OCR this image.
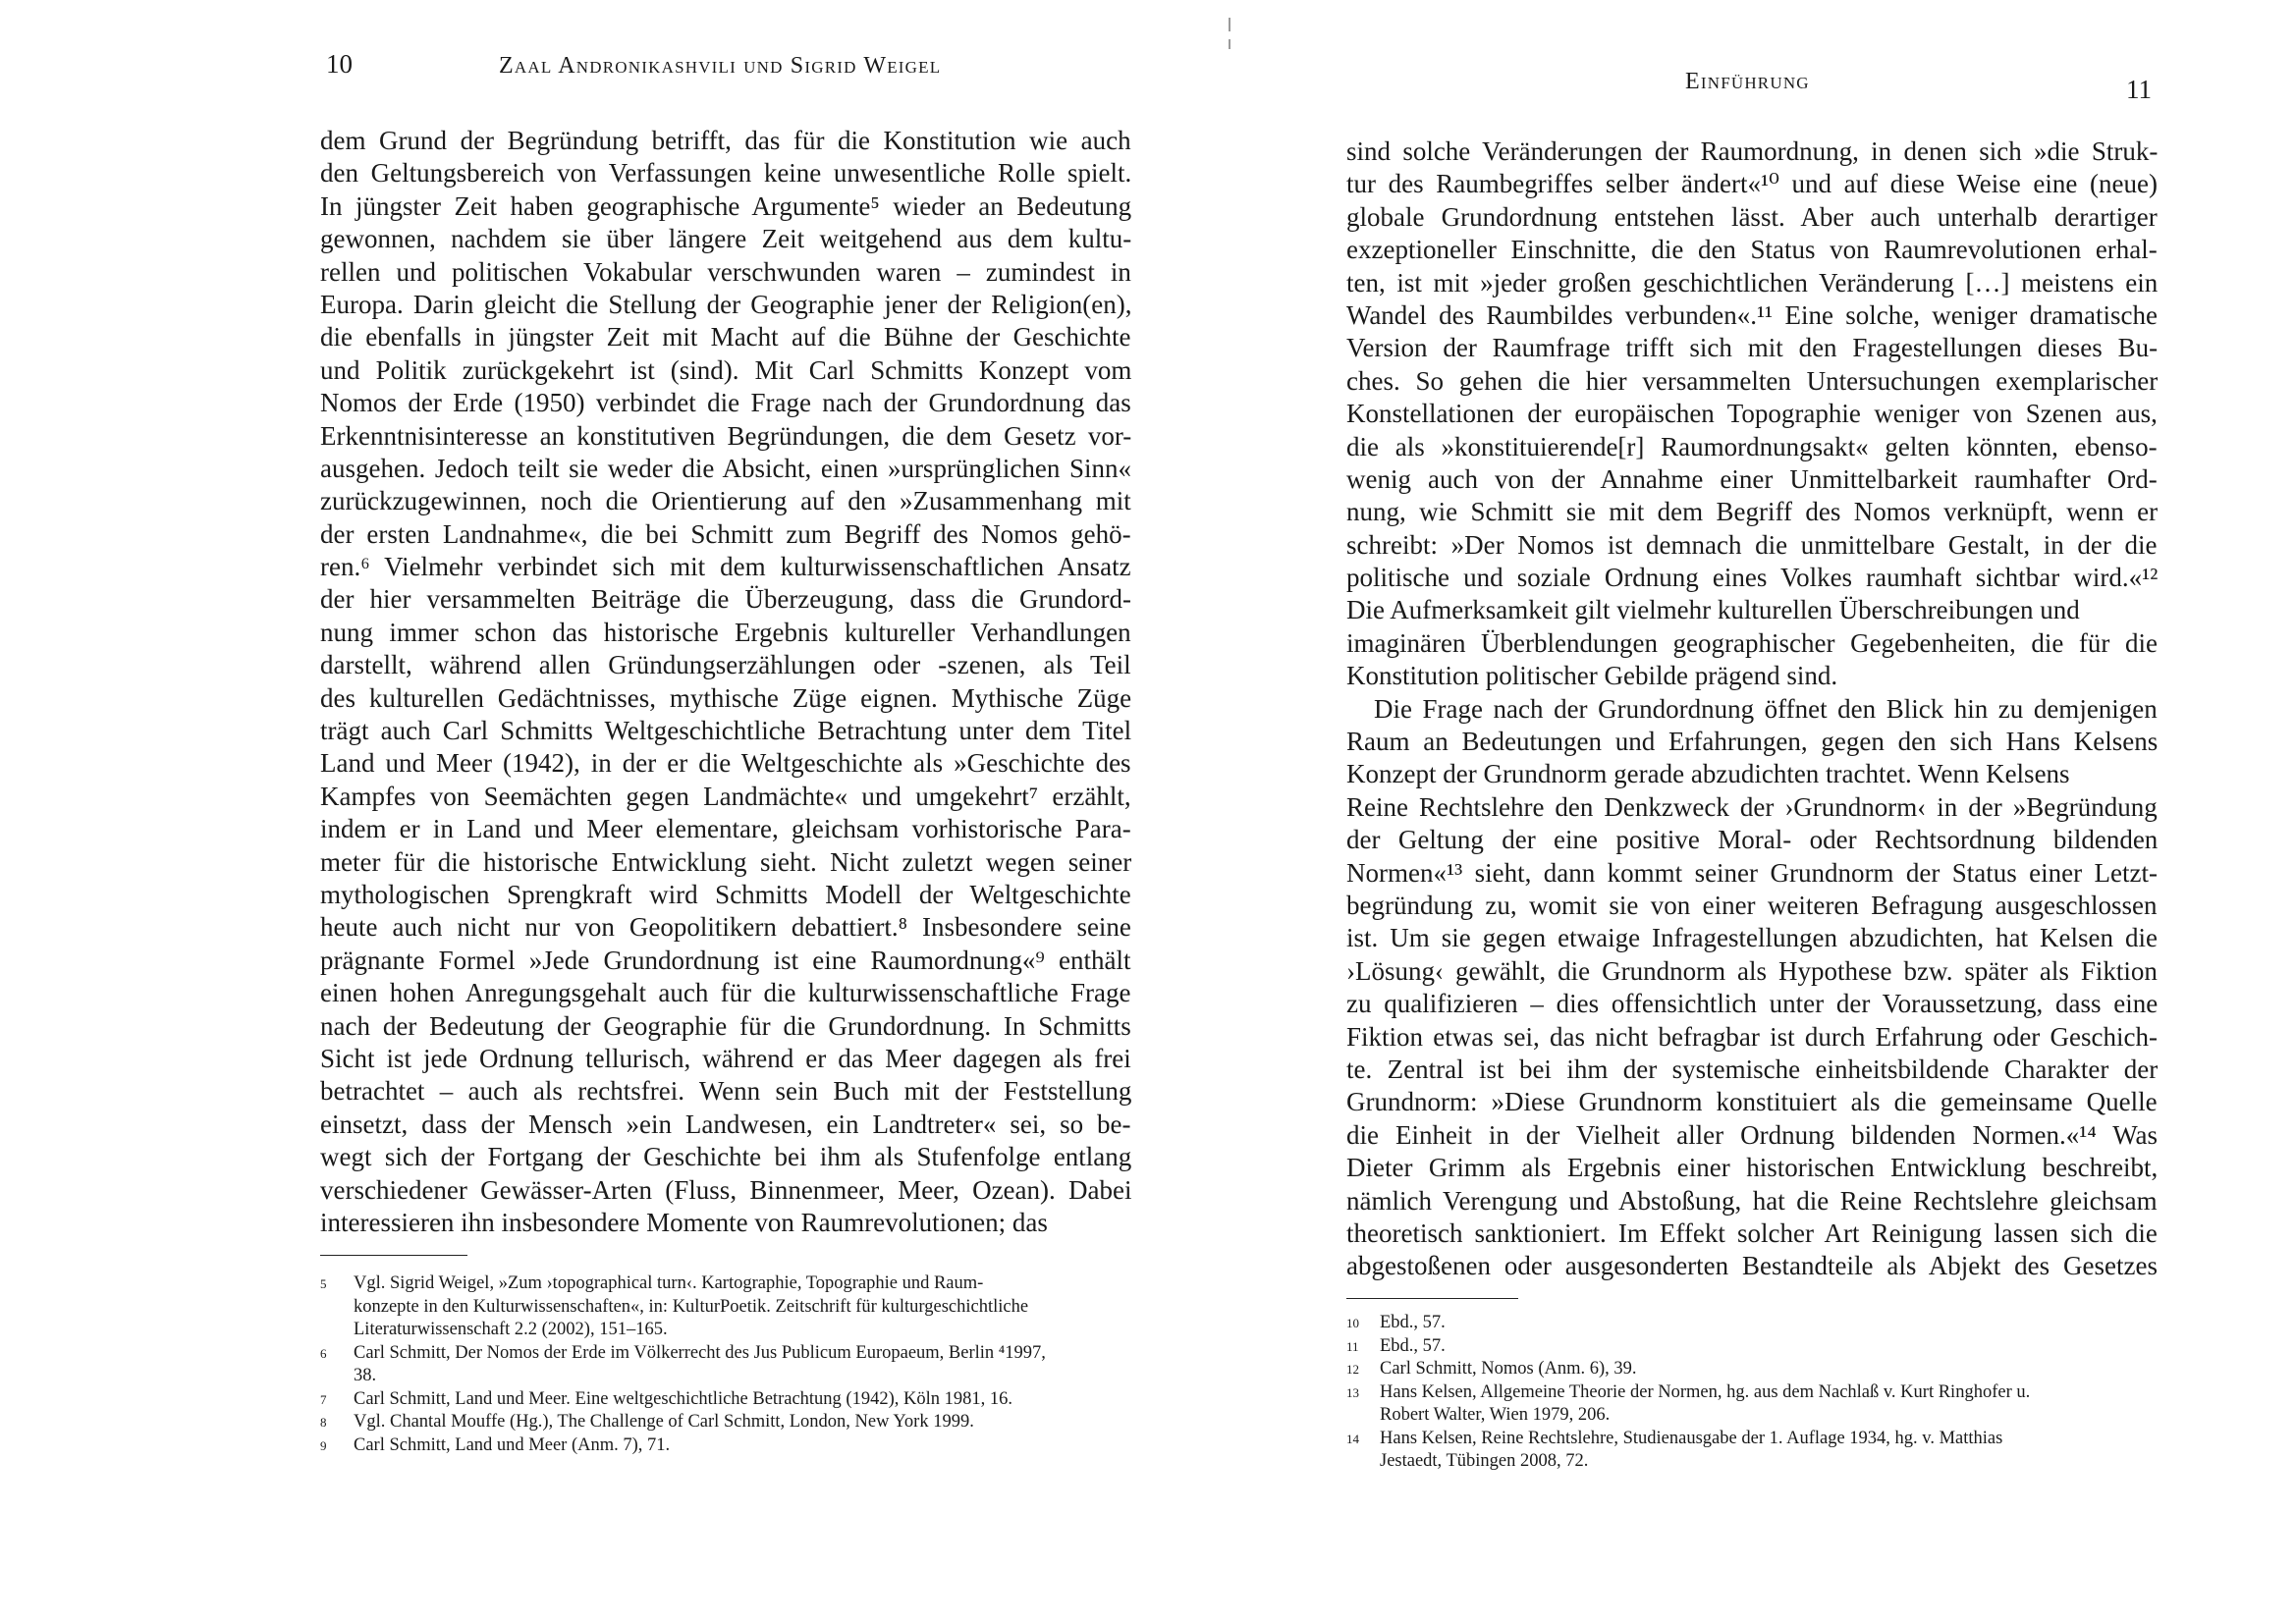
10	Zaal Andronikashvili und Sigrid Weigel
dem Grund der Begründung betrifft, das für die Konstitution wie auch
den Geltungsbereich von Verfassungen keine unwesentliche Rolle spielt.
In jüngster Zeit haben geographische Argumente⁵ wieder an Bedeutung
gewonnen, nachdem sie über längere Zeit weitgehend aus dem kultu-
rellen und politischen Vokabular verschwunden waren – zumindest in
Europa. Darin gleicht die Stellung der Geographie jener der Religion(en),
die ebenfalls in jüngster Zeit mit Macht auf die Bühne der Geschichte
und Politik zurückgekehrt ist (sind). Mit Carl Schmitts Konzept vom
Nomos der Erde (1950) verbindet die Frage nach der Grundordnung das
Erkenntnisinteresse an konstitutiven Begründungen, die dem Gesetz vor-
ausgehen. Jedoch teilt sie weder die Absicht, einen »ursprünglichen Sinn«
zurückzugewinnen, noch die Orientierung auf den »Zusammenhang mit
der ersten Landnahme«, die bei Schmitt zum Begriff des Nomos gehö-
ren.⁶ Vielmehr verbindet sich mit dem kulturwissenschaftlichen Ansatz
der hier versammelten Beiträge die Überzeugung, dass die Grundord-
nung immer schon das historische Ergebnis kultureller Verhandlungen
darstellt, während allen Gründungserzählungen oder -szenen, als Teil
des kulturellen Gedächtnisses, mythische Züge eignen. Mythische Züge
trägt auch Carl Schmitts Weltgeschichtliche Betrachtung unter dem Titel
Land und Meer (1942), in der er die Weltgeschichte als »Geschichte des
Kampfes von Seemächten gegen Landmächte« und umgekehrt⁷ erzählt,
indem er in Land und Meer elementare, gleichsam vorhistorische Para-
meter für die historische Entwicklung sieht. Nicht zuletzt wegen seiner
mythologischen Sprengkraft wird Schmitts Modell der Weltgeschichte
heute auch nicht nur von Geopolitikern debattiert.⁸ Insbesondere seine
prägnante Formel »Jede Grundordnung ist eine Raumordnung«⁹ enthält
einen hohen Anregungsgehalt auch für die kulturwissenschaftliche Frage
nach der Bedeutung der Geographie für die Grundordnung. In Schmitts
Sicht ist jede Ordnung tellurisch, während er das Meer dagegen als frei
betrachtet – auch als rechtsfrei. Wenn sein Buch mit der Feststellung
einsetzt, dass der Mensch »ein Landwesen, ein Landtreter« sei, so be-
wegt sich der Fortgang der Geschichte bei ihm als Stufenfolge entlang
verschiedener Gewässer-Arten (Fluss, Binnenmeer, Meer, Ozean). Dabei
interessieren ihn insbesondere Momente von Raumrevolutionen; das
5 Vgl. Sigrid Weigel, »Zum ›topographical turn‹. Kartographie, Topographie und Raum-
konzepte in den Kulturwissenschaften«, in: KulturPoetik. Zeitschrift für kulturgeschichtliche
Literaturwissenschaft 2.2 (2002), 151–165.
6 Carl Schmitt, Der Nomos der Erde im Völkerrecht des Jus Publicum Europaeum, Berlin ⁴1997,
38.
7 Carl Schmitt, Land und Meer. Eine weltgeschichtliche Betrachtung (1942), Köln 1981, 16.
8 Vgl. Chantal Mouffe (Hg.), The Challenge of Carl Schmitt, London, New York 1999.
9 Carl Schmitt, Land und Meer (Anm. 7), 71.
Einführung	11
sind solche Veränderungen der Raumordnung, in denen sich »die Struk-
tur des Raumbegriffes selber ändert«¹⁰ und auf diese Weise eine (neue)
globale Grundordnung entstehen lässt. Aber auch unterhalb derartiger
exzeptioneller Einschnitte, die den Status von Raumrevolutionen erhal-
ten, ist mit »jeder großen geschichtlichen Veränderung […] meistens ein
Wandel des Raumbildes verbunden«.¹¹ Eine solche, weniger dramatische
Version der Raumfrage trifft sich mit den Fragestellungen dieses Bu-
ches. So gehen die hier versammelten Untersuchungen exemplarischer
Konstellationen der europäischen Topographie weniger von Szenen aus,
die als »konstituierende[r] Raumordnungsakt« gelten könnten, ebenso-
wenig auch von der Annahme einer Unmittelbarkeit raumhafter Ord-
nung, wie Schmitt sie mit dem Begriff des Nomos verknüpft, wenn er
schreibt: »Der Nomos ist demnach die unmittelbare Gestalt, in der die
politische und soziale Ordnung eines Volkes raumhaft sichtbar wird.«¹²
Die Aufmerksamkeit gilt vielmehr kulturellen Überschreibungen und
imaginären Überblendungen geographischer Gegebenheiten, die für die
Konstitution politischer Gebilde prägend sind.
Die Frage nach der Grundordnung öffnet den Blick hin zu demjenigen
Raum an Bedeutungen und Erfahrungen, gegen den sich Hans Kelsens
Konzept der Grundnorm gerade abzudichten trachtet. Wenn Kelsens
Reine Rechtslehre den Denkzweck der ›Grundnorm‹ in der »Begründung
der Geltung der eine positive Moral- oder Rechtsordnung bildenden
Normen«¹³ sieht, dann kommt seiner Grundnorm der Status einer Letzt-
begründung zu, womit sie von einer weiteren Befragung ausgeschlossen
ist. Um sie gegen etwaige Infragestellungen abzudichten, hat Kelsen die
›Lösung‹ gewählt, die Grundnorm als Hypothese bzw. später als Fiktion
zu qualifizieren – dies offensichtlich unter der Voraussetzung, dass eine
Fiktion etwas sei, das nicht befragbar ist durch Erfahrung oder Geschich-
te. Zentral ist bei ihm der systemische einheitsbildende Charakter der
Grundnorm: »Diese Grundnorm konstituiert als die gemeinsame Quelle
die Einheit in der Vielheit aller Ordnung bildenden Normen.«¹⁴ Was
Dieter Grimm als Ergebnis einer historischen Entwicklung beschreibt,
nämlich Verengung und Abstoßung, hat die Reine Rechtslehre gleichsam
theoretisch sanktioniert. Im Effekt solcher Art Reinigung lassen sich die
abgestoßenen oder ausgesonderten Bestandteile als Abjekt des Gesetzes
10 Ebd., 57.
11 Ebd., 57.
12 Carl Schmitt, Nomos (Anm. 6), 39.
13 Hans Kelsen, Allgemeine Theorie der Normen, hg. aus dem Nachlaß v. Kurt Ringhofer u.
Robert Walter, Wien 1979, 206.
14 Hans Kelsen, Reine Rechtslehre, Studienausgabe der 1. Auflage 1934, hg. v. Matthias
Jestaedt, Tübingen 2008, 72.
